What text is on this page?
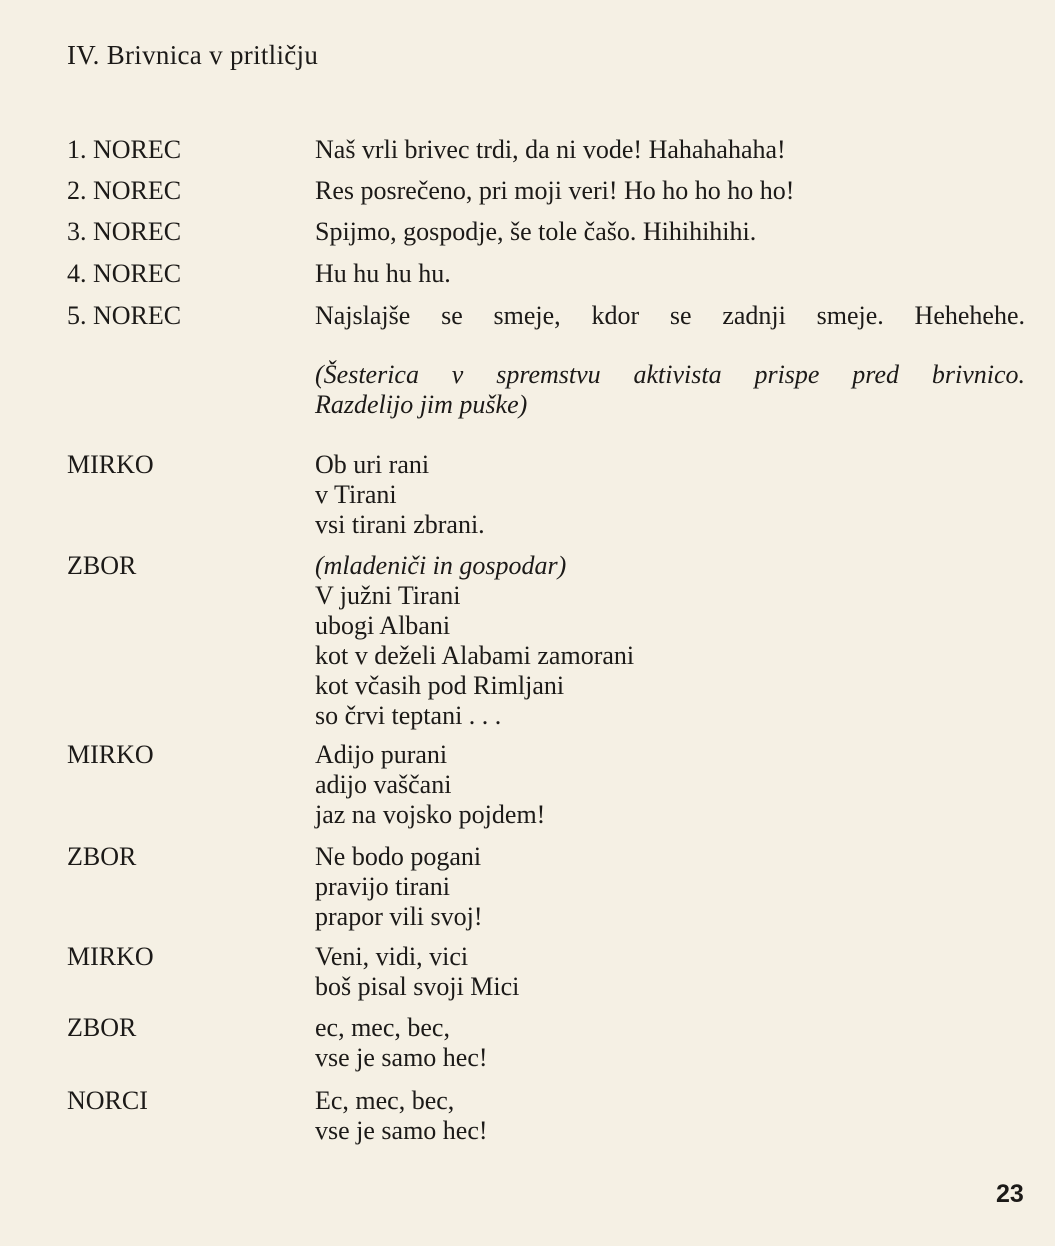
IV. Brivnica v pritličju
1. NOREC	Naš vrli brivec trdi, da ni vode! Hahahahaha!
2. NOREC	Res posrečeno, pri moji veri! Ho ho ho ho ho!
3. NOREC	Spijmo, gospodje, še tole čašo. Hihihihihi.
4. NOREC	Hu hu hu hu.
5. NOREC	Najslajše se smeje, kdor se zadnji smeje. Hehehehe.
(Šesterica v spremstvu aktivista prispe pred brivnico.
Razdelijo jim puške)
MIRKO	Ob uri rani
v Tirani
vsi tirani zbrani.
ZBOR	(mladeniči in gospodar)
V južni Tirani
ubogi Albani
kot v deželi Alabami zamorani
kot včasih pod Rimljani
so črvi teptani . . .
MIRKO	Adijo purani
adijo vaščani
jaz na vojsko pojdem!
ZBOR	Ne bodo pogani
pravijo tirani
prapor vili svoj!
MIRKO	Veni, vidi, vici
boš pisal svoji Mici
ZBOR	ec, mec, bec,
vse je samo hec!
NORCI	Ec, mec, bec,
vse je samo hec!
23
